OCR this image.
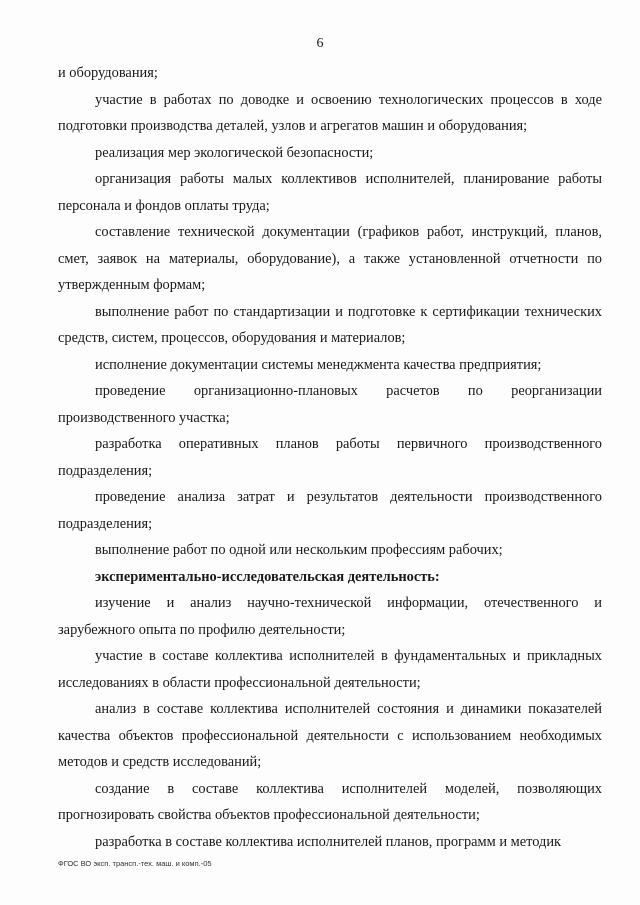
6

и оборудования;

участие в работах по доводке и освоению технологических процессов в ходе подготовки производства деталей, узлов и агрегатов машин и оборудования;

реализация мер экологической безопасности;

организация работы малых коллективов исполнителей, планирование работы персонала и фондов оплаты труда;

составление технической документации (графиков работ, инструкций, планов, смет, заявок на материалы, оборудование), а также установленной отчетности по утвержденным формам;

выполнение работ по стандартизации и подготовке к сертификации технических средств, систем, процессов, оборудования и материалов;

исполнение документации системы менеджмента качества предприятия;

проведение организационно-плановых расчетов по реорганизации производственного участка;

разработка оперативных планов работы первичного производственного подразделения;

проведение анализа затрат и результатов деятельности производственного подразделения;

выполнение работ по одной или нескольким профессиям рабочих;

экспериментально-исследовательская деятельность:

изучение и анализ научно-технической информации, отечественного и зарубежного опыта по профилю деятельности;

участие в составе коллектива исполнителей в фундаментальных и прикладных исследованиях в области профессиональной деятельности;

анализ в составе коллектива исполнителей состояния и динамики показателей качества объектов профессиональной деятельности с использованием необходимых методов и средств исследований;

создание в составе коллектива исполнителей моделей, позволяющих прогнозировать свойства объектов профессиональной деятельности;

разработка в составе коллектива исполнителей планов, программ и методик

ФГОС ВО эксп. трансп.-тех. маш. и комп.-05
